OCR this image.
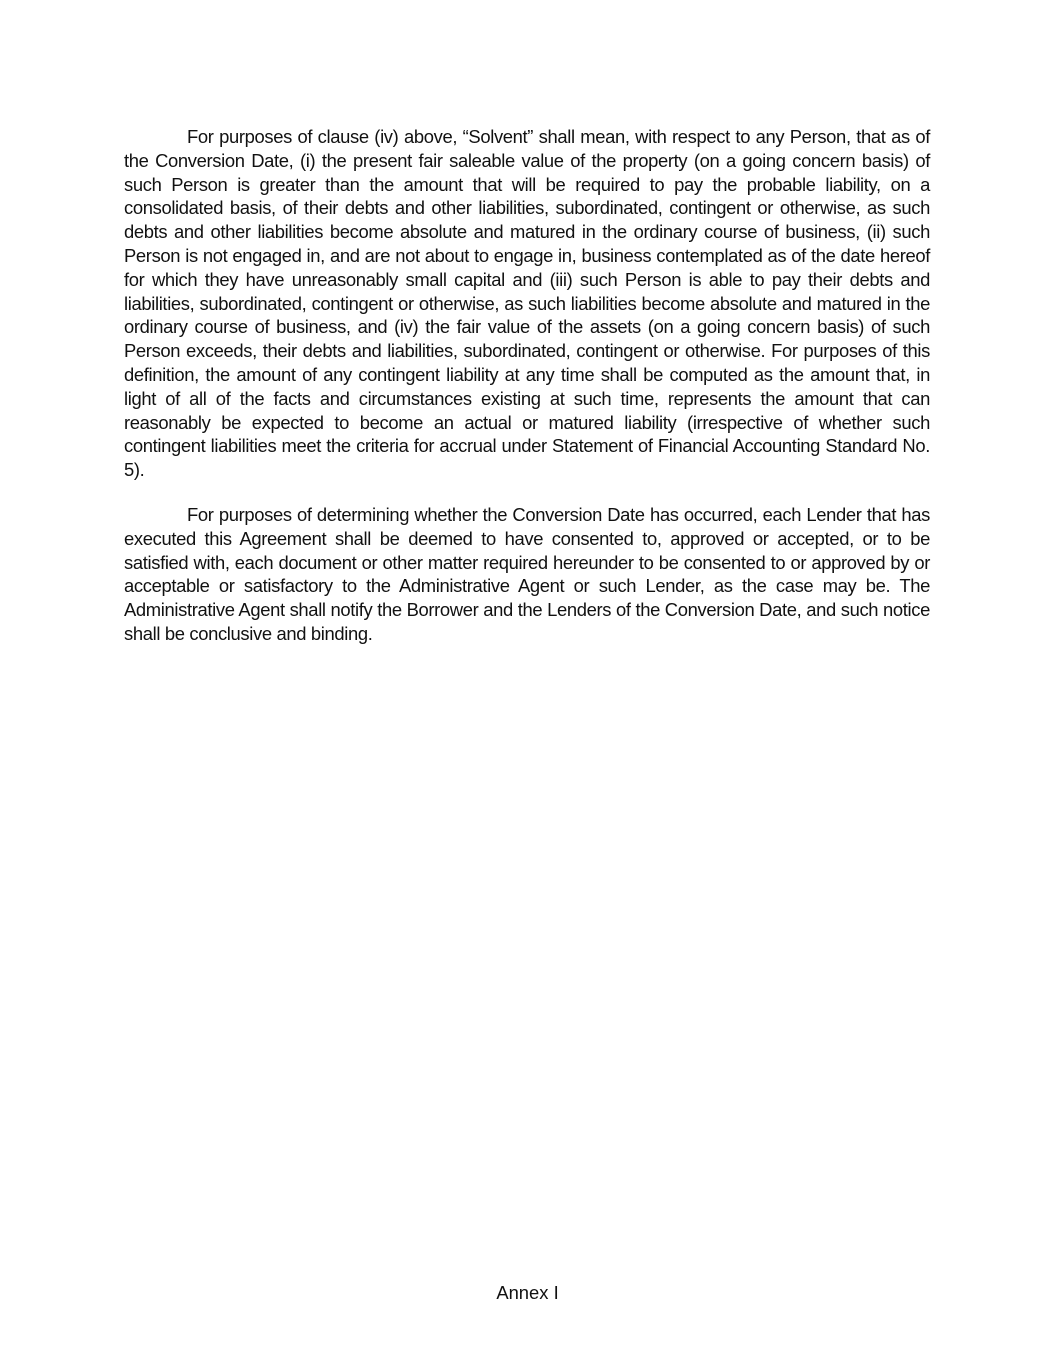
For purposes of clause (iv) above, “Solvent” shall mean, with respect to any Person, that as of the Conversion Date, (i) the present fair saleable value of the property (on a going concern basis) of such Person is greater than the amount that will be required to pay the probable liability, on a consolidated basis, of their debts and other liabilities, subordinated, contingent or otherwise, as such debts and other liabilities become absolute and matured in the ordinary course of business, (ii) such Person is not engaged in, and are not about to engage in, business contemplated as of the date hereof for which they have unreasonably small capital and (iii) such Person is able to pay their debts and liabilities, subordinated, contingent or otherwise, as such liabilities become absolute and matured in the ordinary course of business, and (iv) the fair value of the assets (on a going concern basis) of such Person exceeds, their debts and liabilities, subordinated, contingent or otherwise. For purposes of this definition, the amount of any contingent liability at any time shall be computed as the amount that, in light of all of the facts and circumstances existing at such time, represents the amount that can reasonably be expected to become an actual or matured liability (irrespective of whether such contingent liabilities meet the criteria for accrual under Statement of Financial Accounting Standard No. 5).

For purposes of determining whether the Conversion Date has occurred, each Lender that has executed this Agreement shall be deemed to have consented to, approved or accepted, or to be satisfied with, each document or other matter required hereunder to be consented to or approved by or acceptable or satisfactory to the Administrative Agent or such Lender, as the case may be. The Administrative Agent shall notify the Borrower and the Lenders of the Conversion Date, and such notice shall be conclusive and binding.

Annex I
